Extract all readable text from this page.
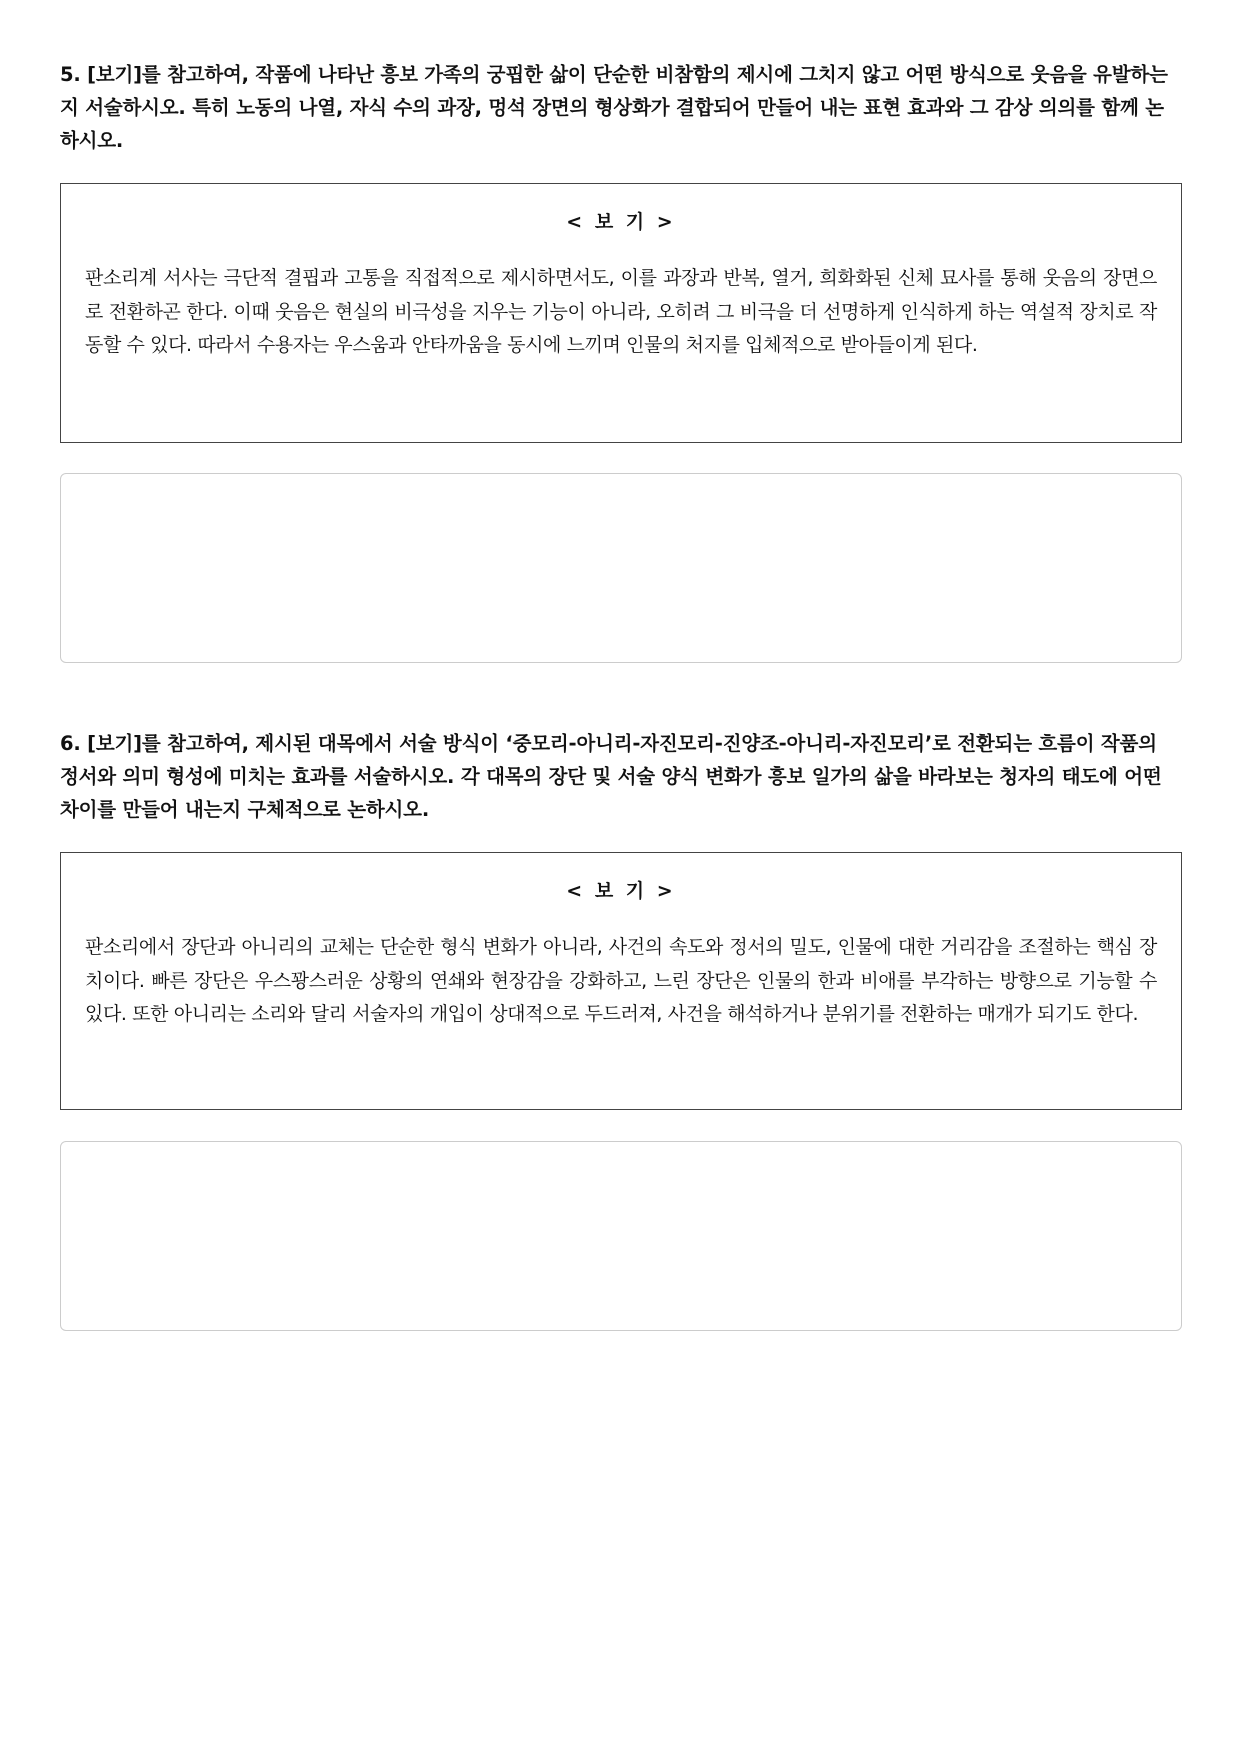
5. [보기]를 참고하여, 작품에 나타난 흥보 가족의 궁핍한 삶이 단순한 비참함의 제시에 그치지 않고 어떤 방식으로 웃음을 유발하는지 서술하시오. 특히 노동의 나열, 자식 수의 과장, 멍석 장면의 형상화가 결합되어 만들어 내는 표현 효과와 그 감상 의의를 함께 논하시오.
< 보 기 >
판소리계 서사는 극단적 결핍과 고통을 직접적으로 제시하면서도, 이를 과장과 반복, 열거, 희화화된 신체 묘사를 통해 웃음의 장면으로 전환하곤 한다. 이때 웃음은 현실의 비극성을 지우는 기능이 아니라, 오히려 그 비극을 더 선명하게 인식하게 하는 역설적 장치로 작동할 수 있다. 따라서 수용자는 우스움과 안타까움을 동시에 느끼며 인물의 처지를 입체적으로 받아들이게 된다.
6. [보기]를 참고하여, 제시된 대목에서 서술 방식이 ‘중모리-아니리-자진모리-진양조-아니리-자진모리’로 전환되는 흐름이 작품의 정서와 의미 형성에 미치는 효과를 서술하시오. 각 대목의 장단 및 서술 양식 변화가 흥보 일가의 삶을 바라보는 청자의 태도에 어떤 차이를 만들어 내는지 구체적으로 논하시오.
< 보 기 >
판소리에서 장단과 아니리의 교체는 단순한 형식 변화가 아니라, 사건의 속도와 정서의 밀도, 인물에 대한 거리감을 조절하는 핵심 장치이다. 빠른 장단은 우스꽝스러운 상황의 연쇄와 현장감을 강화하고, 느린 장단은 인물의 한과 비애를 부각하는 방향으로 기능할 수 있다. 또한 아니리는 소리와 달리 서술자의 개입이 상대적으로 두드러져, 사건을 해석하거나 분위기를 전환하는 매개가 되기도 한다.
